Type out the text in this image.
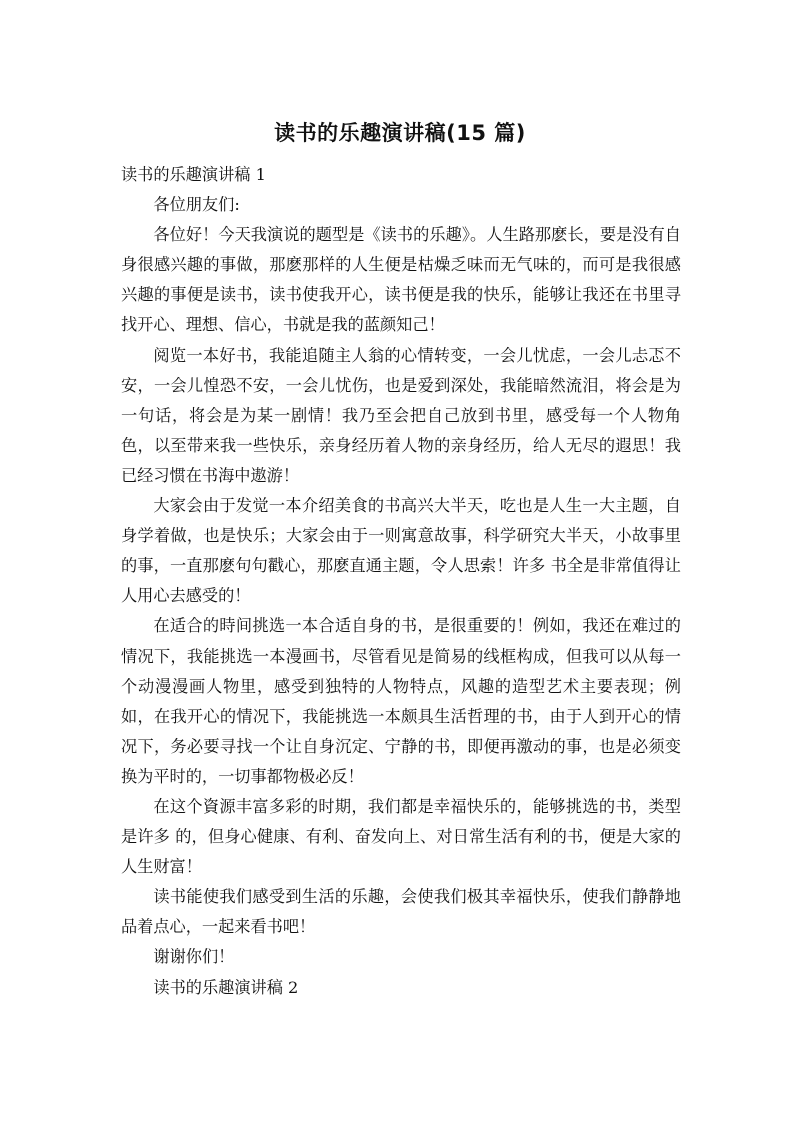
读书的乐趣演讲稿(15 篇)

读书的乐趣演讲稿 1

各位朋友们:

各位好！今天我演说的题型是《读书的乐趣》。人生路那麽长，要是没有自身很感兴趣的事做，那麽那样的人生便是枯燥乏味而无气味的，而可是我很感兴趣的事便是读书，读书使我开心，读书便是我的快乐，能够让我还在书里寻找开心、理想、信心，书就是我的蓝颜知己！

阅览一本好书，我能追随主人翁的心情转变，一会儿忧虑，一会儿忐忑不安，一会儿惶恐不安，一会儿忧伤，也是爱到深处，我能暗然流泪，将会是为一句话，将会是为某一剧情！我乃至会把自己放到书里，感受每一个人物角色，以至带来我一些快乐，亲身经历着人物的亲身经历，给人无尽的遐思！我已经习惯在书海中遨游！

大家会由于发觉一本介绍美食的书高兴大半天，吃也是人生一大主题，自身学着做，也是快乐；大家会由于一则寓意故事，科学研究大半天，小故事里的事，一直那麽句句戳心，那麽直通主题，令人思索！许多 书全是非常值得让人用心去感受的！

在适合的時间挑选一本合适自身的书，是很重要的！例如，我还在难过的情况下，我能挑选一本漫画书，尽管看见是简易的线框构成，但我可以从每一个动漫漫画人物里，感受到独特的人物特点，风趣的造型艺术主要表现；例如，在我开心的情况下，我能挑选一本颇具生活哲理的书，由于人到开心的情况下，务必要寻找一个让自身沉定、宁静的书，即便再激动的事，也是必须变换为平时的，一切事都物极必反！

在这个資源丰富多彩的时期，我们都是幸福快乐的，能够挑选的书，类型是许多 的，但身心健康、有利、奋发向上、对日常生活有利的书，便是大家的人生财富！

读书能使我们感受到生活的乐趣，会使我们极其幸福快乐，使我们静静地品着点心，一起来看书吧！

谢谢你们！

读书的乐趣演讲稿 2
